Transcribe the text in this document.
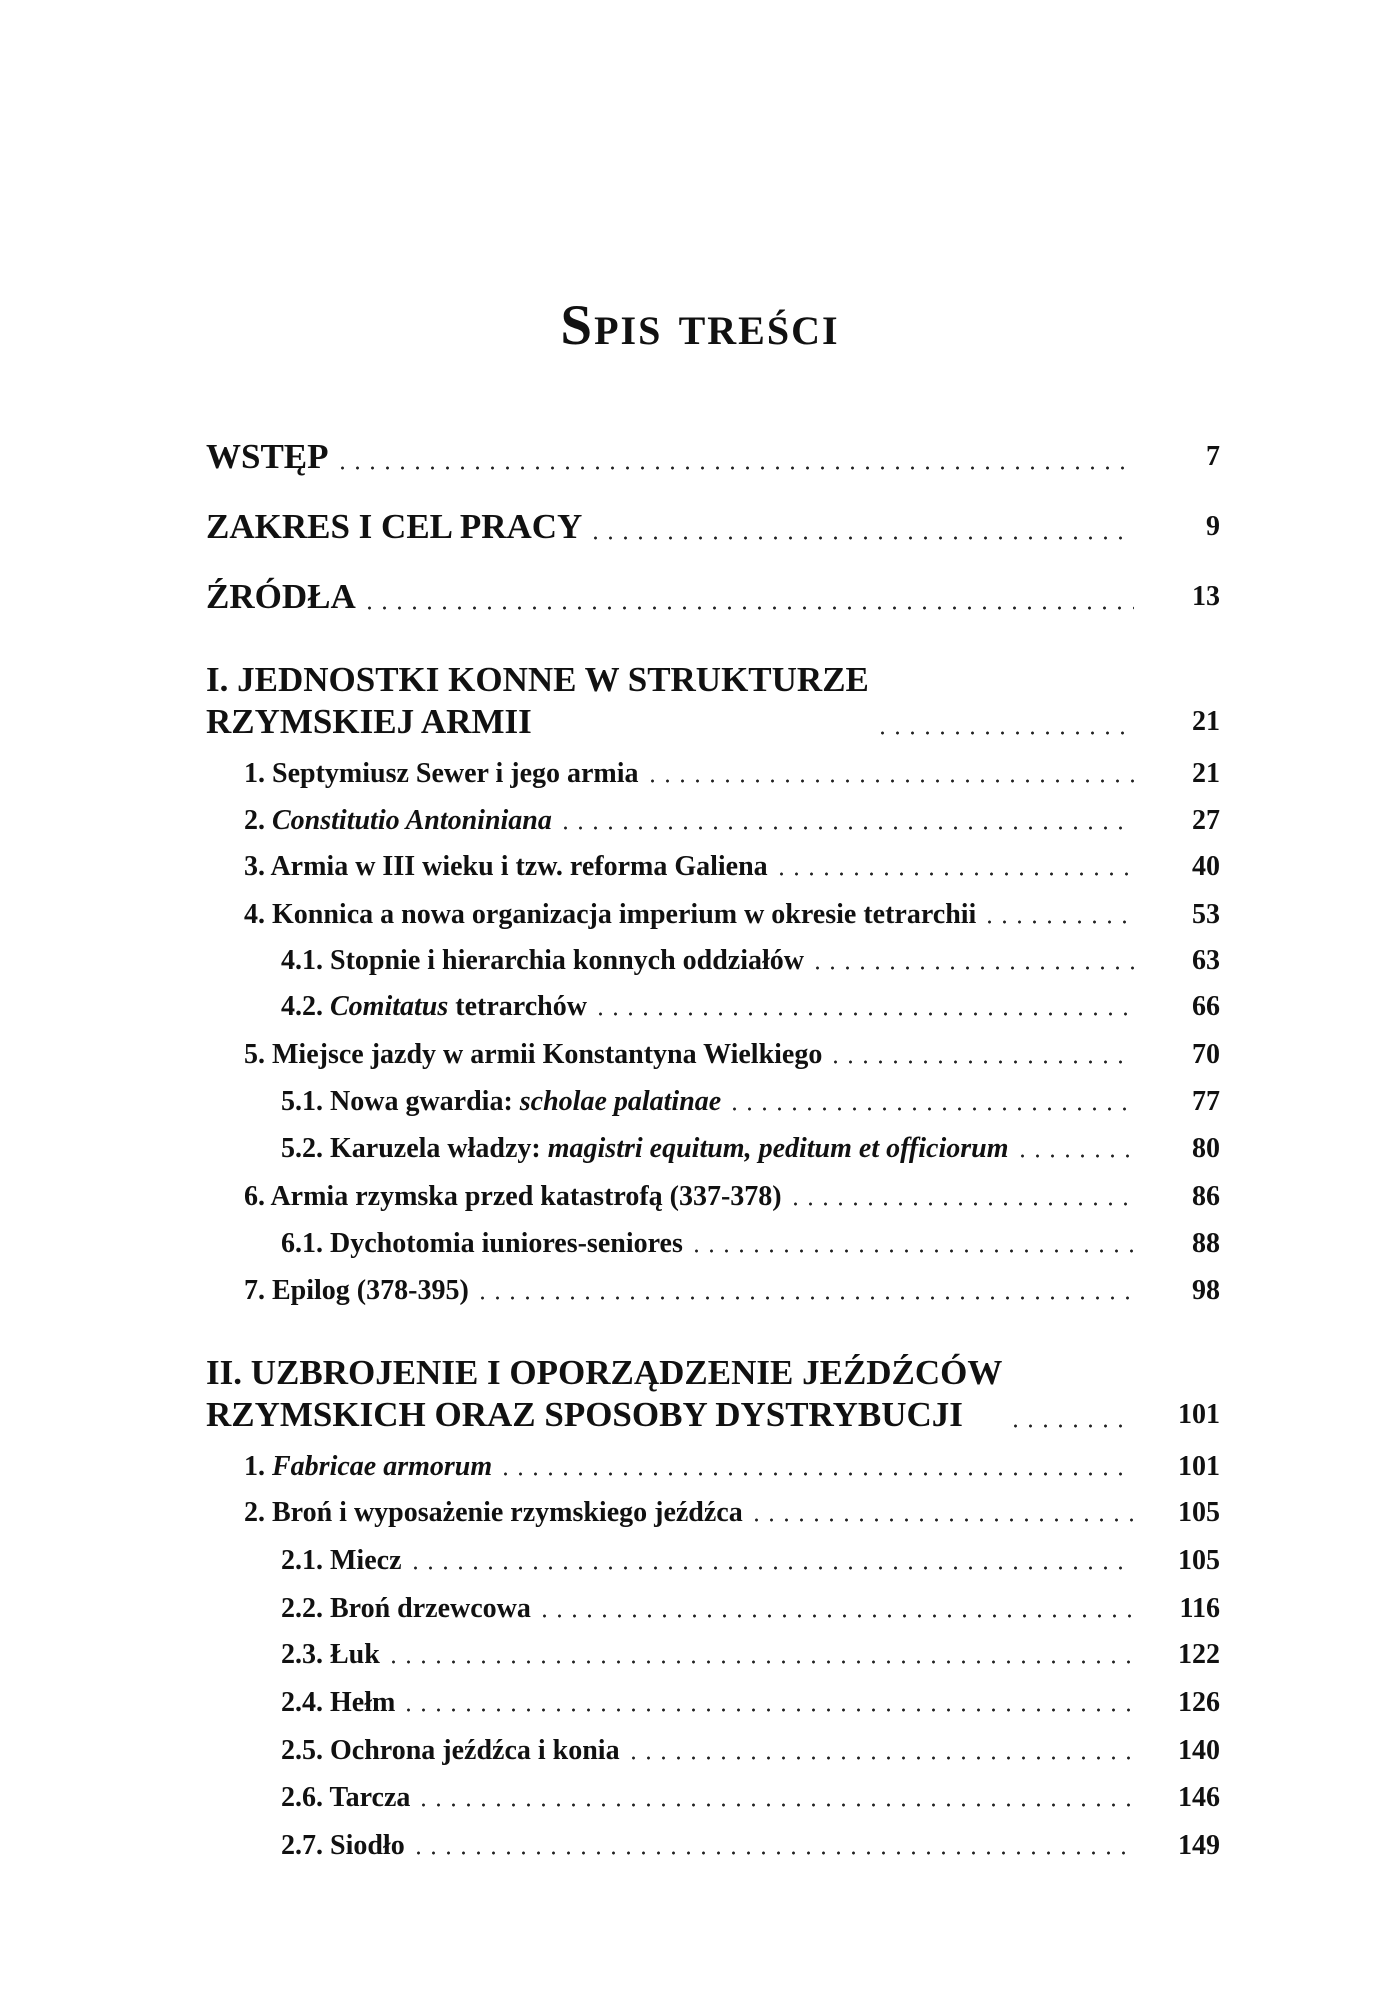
Spis treści
WSTĘP	7
ZAKRES I CEL PRACY	9
ŹRÓDŁA	13
I. JEDNOSTKI KONNE W STRUKTURZE
RZYMSKIEJ ARMII	21
1. Septymiusz Sewer i jego armia	21
2. Constitutio Antoniniana	27
3. Armia w III wieku i tzw. reforma Galiena	40
4. Konnica a nowa organizacja imperium w okresie tetrarchii	53
4.1. Stopnie i hierarchia konnych oddziałów	63
4.2. Comitatus tetrarchów	66
5. Miejsce jazdy w armii Konstantyna Wielkiego	70
5.1. Nowa gwardia: scholae palatinae	77
5.2. Karuzela władzy: magistri equitum, peditum et officiorum	80
6. Armia rzymska przed katastrofą (337-378)	86
6.1. Dychotomia iuniores-seniores	88
7. Epilog (378-395)	98
II. UZBROJENIE I OPORZĄDZENIE JEŹDŹCÓW
RZYMSKICH ORAZ SPOSOBY DYSTRYBUCJI	101
1. Fabricae armorum	101
2. Broń i wyposażenie rzymskiego jeźdźca	105
2.1. Miecz	105
2.2. Broń drzewcowa	116
2.3. Łuk	122
2.4. Hełm	126
2.5. Ochrona jeźdźca i konia	140
2.6. Tarcza	146
2.7. Siodło	149
